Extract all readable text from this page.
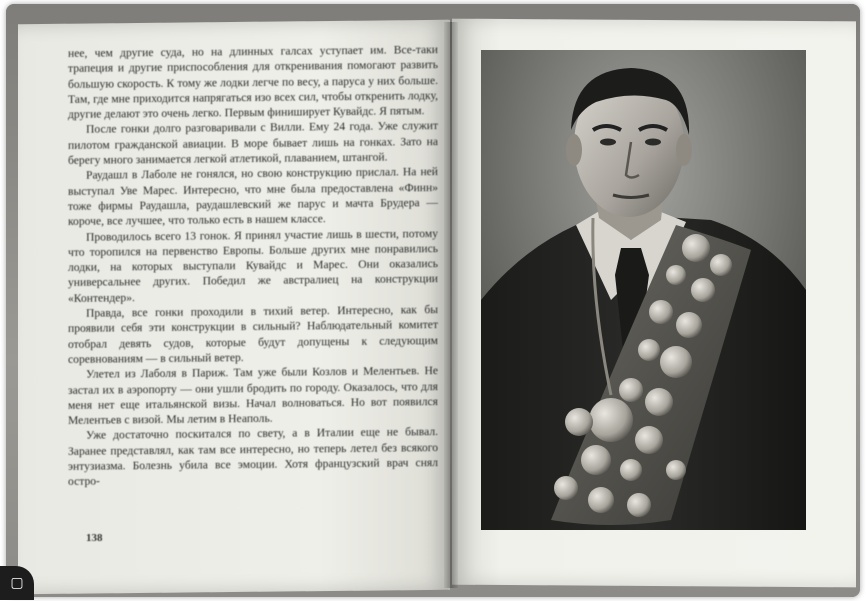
нее, чем другие суда, но на длинных галсах уступает им. Все-таки трапеция и другие приспособления для откренивания помогают развить большую скорость. К тому же лодки легче по весу, а паруса у них больше. Там, где мне приходится напрягаться изо всех сил, чтобы откренить лодку, другие делают это очень легко. Первым финиширует Кувайдс. Я пятым.

После гонки долго разговаривали с Вилли. Ему 24 года. Уже служит пилотом гражданской авиации. В море бывает лишь на гонках. Зато на берегу много занимается легкой атлетикой, плаванием, штангой.

Раудашл в Лаболе не гонялся, но свою конструкцию прислал. На ней выступал Уве Марес. Интересно, что мне была предоставлена «Финн» тоже фирмы Раудашла, раудашлевский же парус и мачта Брудера — короче, все лучшее, что только есть в нашем классе.

Проводилось всего 13 гонок. Я принял участие лишь в шести, потому что торопился на первенство Европы. Больше других мне понравились лодки, на которых выступали Кувайдс и Марес. Они оказались универсальнее других. Победил же австралиец на конструкции «Контендер».

Правда, все гонки проходили в тихий ветер. Интересно, как бы проявили себя эти конструкции в сильный? Наблюдательный комитет отобрал девять судов, которые будут допущены к следующим соревнованиям — в сильный ветер.

Улетел из Лаболя в Париж. Там уже были Козлов и Мелентьев. Не застал их в аэропорту — они ушли бродить по городу. Оказалось, что для меня нет еще итальянской визы. Начал волноваться. Но вот появился Мелентьев с визой. Мы летим в Неаполь.

Уже достаточно поскитался по свету, а в Италии еще не бывал. Заранее представлял, как там все интересно, но теперь летел без всякого энтузиазма. Болезнь убила все эмоции. Хотя французский врач снял остро-

138
▢
